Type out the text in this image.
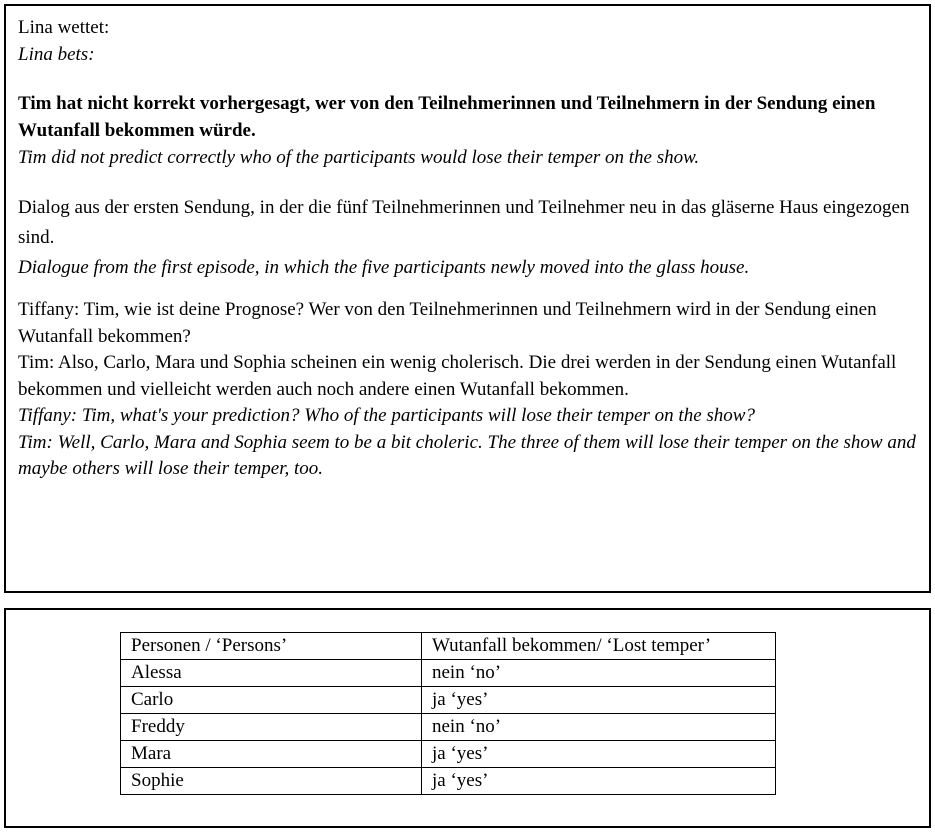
Lina wettet:

Lina bets:

Tim hat nicht korrekt vorhergesagt, wer von den Teilnehmerinnen und Teilnehmern in der Sendung einen Wutanfall bekommen würde.

Tim did not predict correctly who of the participants would lose their temper on the show.

Dialog aus der ersten Sendung, in der die fünf Teilnehmerinnen und Teilnehmer neu in das gläserne Haus eingezogen sind.

Dialogue from the first episode, in which the five participants newly moved into the glass house.

Tiffany: Tim, wie ist deine Prognose? Wer von den Teilnehmerinnen und Teilnehmern wird in der Sendung einen Wutanfall bekommen?

Tim: Also, Carlo, Mara und Sophia scheinen ein wenig cholerisch. Die drei werden in der Sendung einen Wutanfall bekommen und vielleicht werden auch noch andere einen Wutanfall bekommen.

Tiffany: Tim, what's your prediction? Who of the participants will lose their temper on the show?

Tim: Well, Carlo, Mara and Sophia seem to be a bit choleric. The three of them will lose their temper on the show and maybe others will lose their temper, too.

Personen / ‘Persons’	Wutanfall bekommen/ ‘Lost temper’
Alessa	nein ‘no’
Carlo	ja ‘yes’
Freddy	nein ‘no’
Mara	ja ‘yes’
Sophie	ja ‘yes’
